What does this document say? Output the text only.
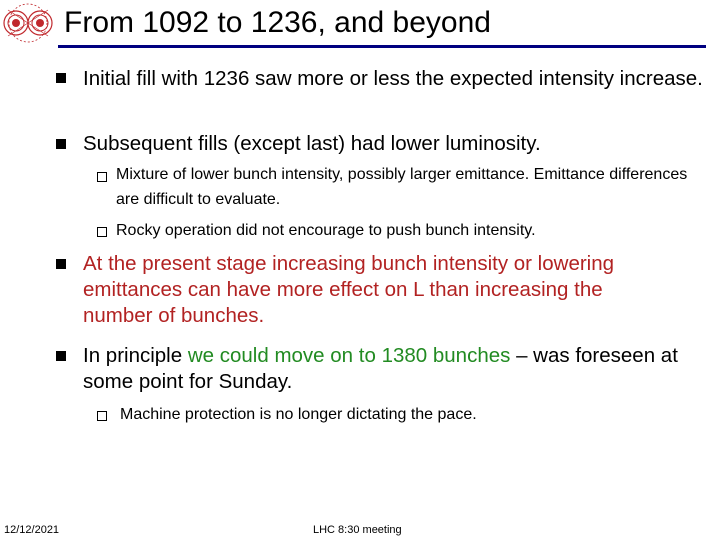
From 1092 to 1236, and beyond
Initial fill with 1236 saw more or less the expected intensity increase.
Subsequent fills (except last) had lower luminosity.
Mixture of lower bunch intensity, possibly larger emittance. Emittance differences are difficult to evaluate.
Rocky operation did not encourage to push bunch intensity.
At the present stage increasing bunch intensity or lowering emittances can have more effect on L than increasing the number of bunches.
In principle we could move on to 1380 bunches – was foreseen at some point for Sunday.
Machine protection is no longer dictating the pace.
12/12/2021	LHC 8:30 meeting
